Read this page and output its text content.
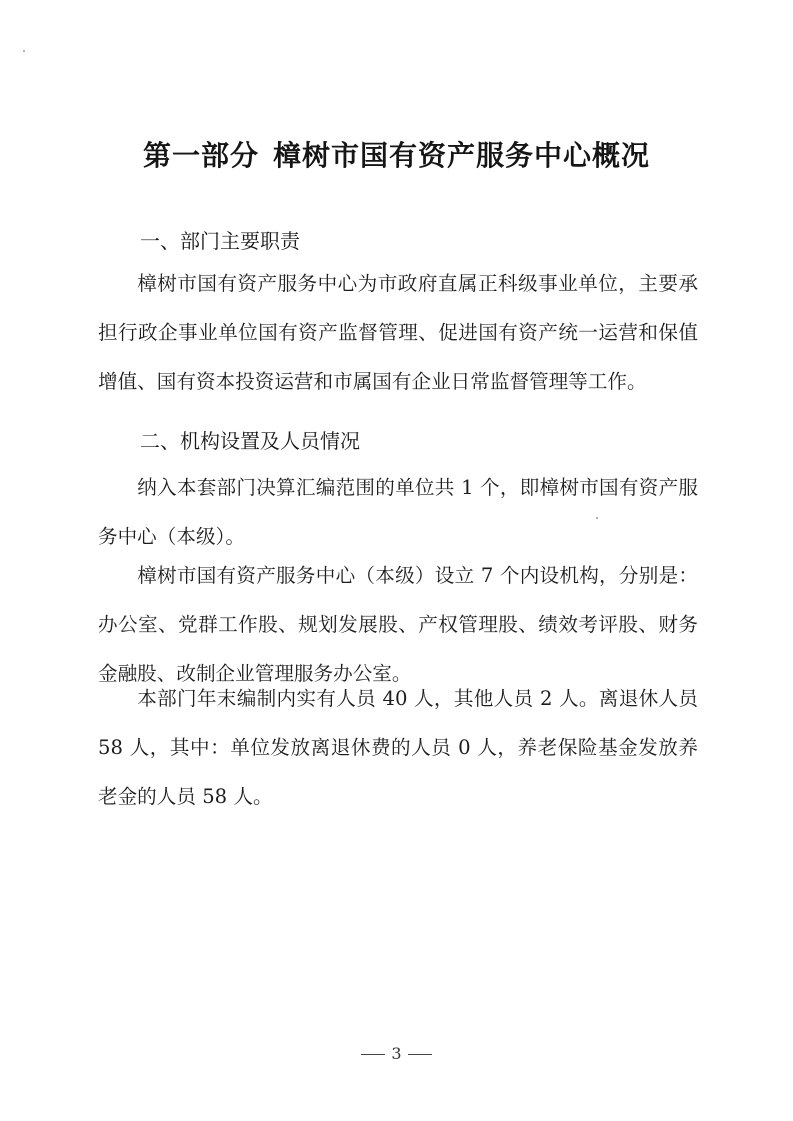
第一部分 樟树市国有资产服务中心概况
一、部门主要职责

樟树市国有资产服务中心为市政府直属正科级事业单位，主要承担行政企事业单位国有资产监督管理、促进国有资产统一运营和保值增值、国有资本投资运营和市属国有企业日常监督管理等工作。

二、机构设置及人员情况

纳入本套部门决算汇编范围的单位共 1 个，即樟树市国有资产服务中心（本级）。

樟树市国有资产服务中心（本级）设立 7 个内设机构，分别是：办公室、党群工作股、规划发展股、产权管理股、绩效考评股、财务金融股、改制企业管理服务办公室。

本部门年末编制内实有人员 40 人，其他人员 2 人。离退休人员 58 人，其中：单位发放离退休费的人员 0 人，养老保险基金发放养老金的人员 58 人。

3
